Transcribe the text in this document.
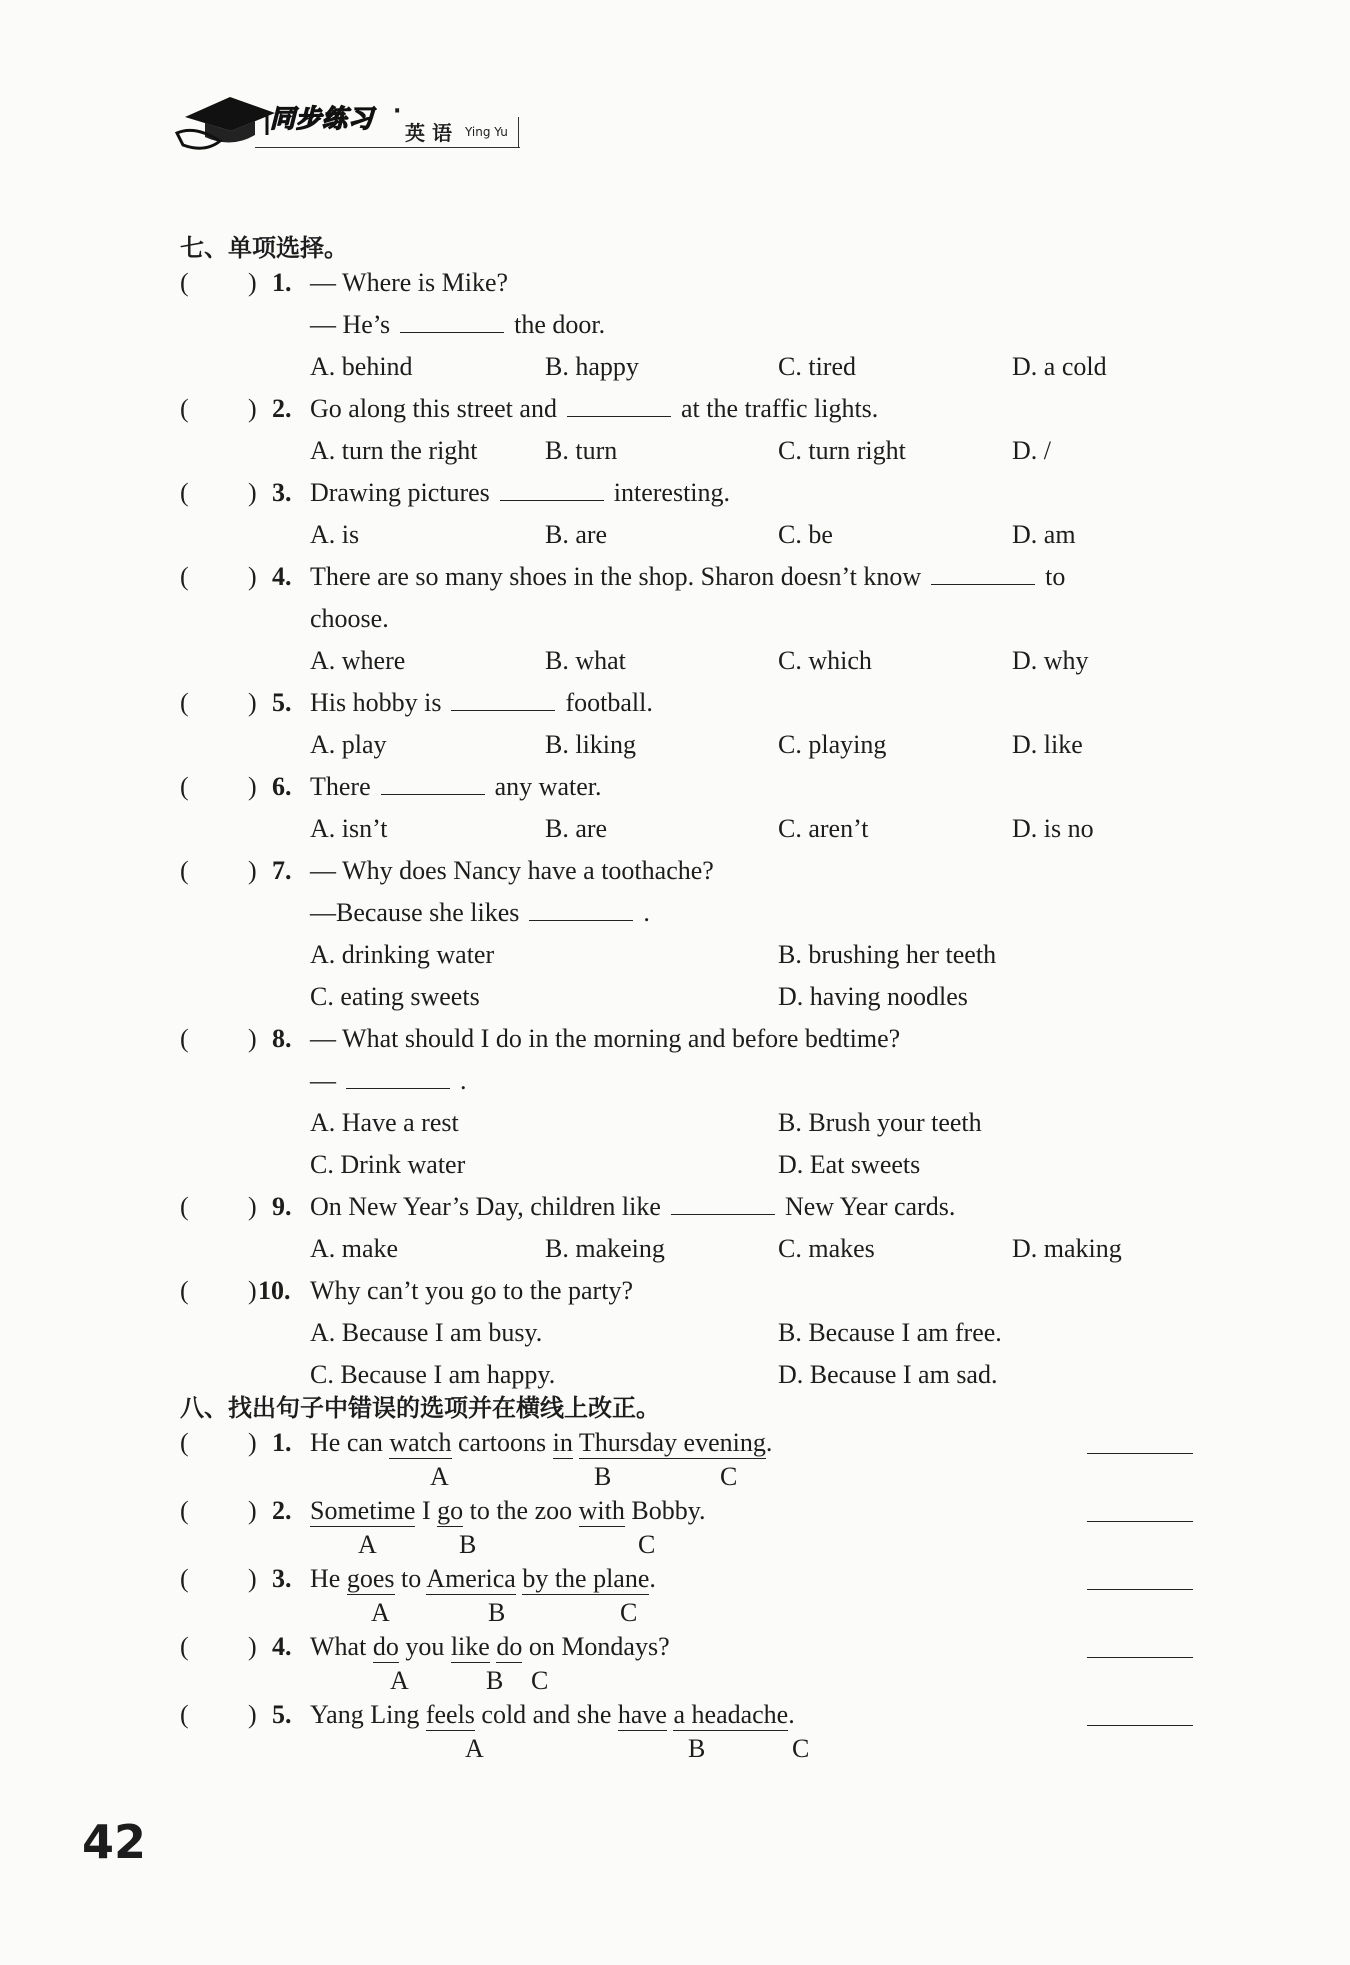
同步练习 ·
英 语 Ying Yu
七、单项选择。
( ) 1. — Where is Mike?
— He’s	the door.
A. behind	B. happy	C. tired	D. a cold
( ) 2. Go along this street and	at the traffic lights.
A. turn the right	B. turn	C. turn right	D. /
( ) 3. Drawing pictures	interesting.
A. is	B. are	C. be	D. am
( ) 4. There are so many shoes in the shop. Sharon doesn’t know	to
choose.
A. where	B. what	C. which	D. why
( ) 5. His hobby is	football.
A. play	B. liking	C. playing	D. like
( ) 6. There	any water.
A. isn’t	B. are	C. aren’t	D. is no
( ) 7. — Why does Nancy have a toothache?
—Because she likes	.
A. drinking water	B. brushing her teeth
C. eating sweets	D. having noodles
( ) 8. — What should I do in the morning and before bedtime?
—	.
A. Have a rest	B. Brush your teeth
C. Drink water	D. Eat sweets
( ) 9. On New Year’s Day, children like	New Year cards.
A. make	B. makeing	C. makes	D. making
( ) 10. Why can’t you go to the party?
A. Because I am busy.	B. Because I am free.
C. Because I am happy.	D. Because I am sad.
八、找出句子中错误的选项并在横线上改正。
( ) 1. He can watch cartoons in Thursday evening.
A	B	C
( ) 2. Sometime I go to the zoo with Bobby.
A	B	C
( ) 3. He goes to America by the plane.
A	B	C
( ) 4. What do you like do on Mondays?
A	B C
( ) 5. Yang Ling feels cold and she have a headache.
A	B	C
42
